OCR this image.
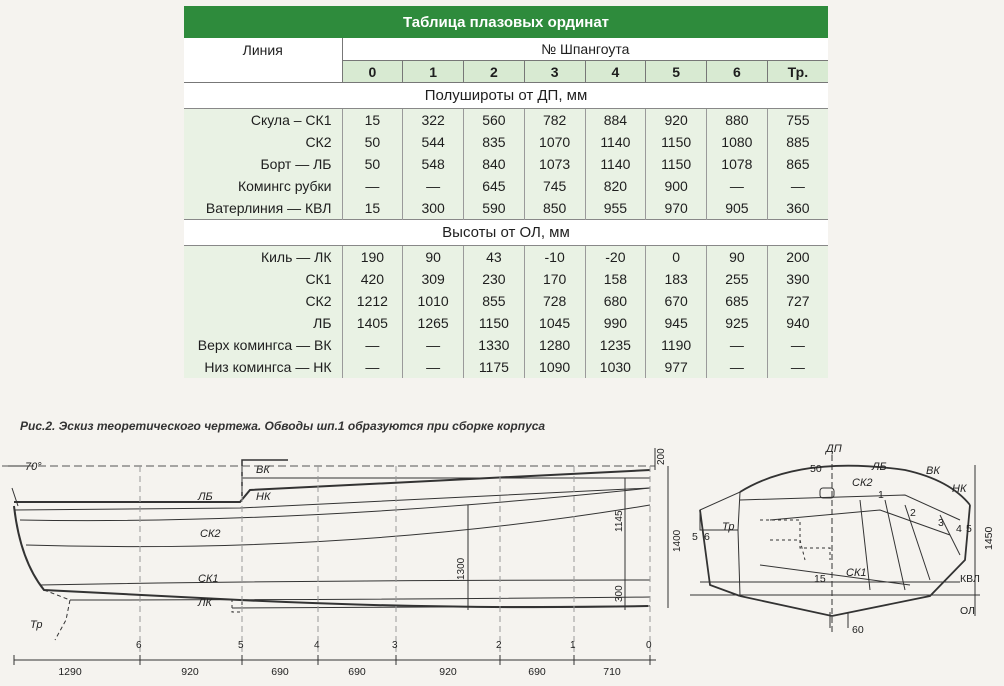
Таблица плазовых ординат								
Линия	№ Шпангоута							
	0	1	2	3	4	5	6	Тр.
Полушироты от ДП, мм								
Скула – СК1	15	322	560	782	884	920	880	755
СК2	50	544	835	1070	1140	1150	1080	885
Борт — ЛБ	50	548	840	1073	1140	1150	1078	865
Комингс рубки	—	—	645	745	820	900	—	—
Ватерлиния — КВЛ	15	300	590	850	955	970	905	360
Высоты от ОЛ, мм								
Киль — ЛК	190	90	43	-10	-20	0	90	200
СК1	420	309	230	170	158	183	255	390
СК2	1212	1010	855	728	680	670	685	727
ЛБ	1405	1265	1150	1045	990	945	925	940
Верх комингса — ВК	—	—	1330	1280	1235	1190	—	—
Низ комингса — НК	—	—	1175	1090	1030	977	—	—
Рис.2. Эскиз теоретического чертежа. Обводы шп.1 образуются при сборке корпуса
70°	ВК
ЛБ	НК
СК2
СК1
ЛК
Тр
200
1145
1300
1400
300
6	5	4	3	2	1	0
1290	920	690	690	920	690	710
ДП
ЛБ	ВК
НК
СК2
СК1
Тр
КВЛ
ОЛ
5 6
1
2
3 4 5
50
15
60
1450
